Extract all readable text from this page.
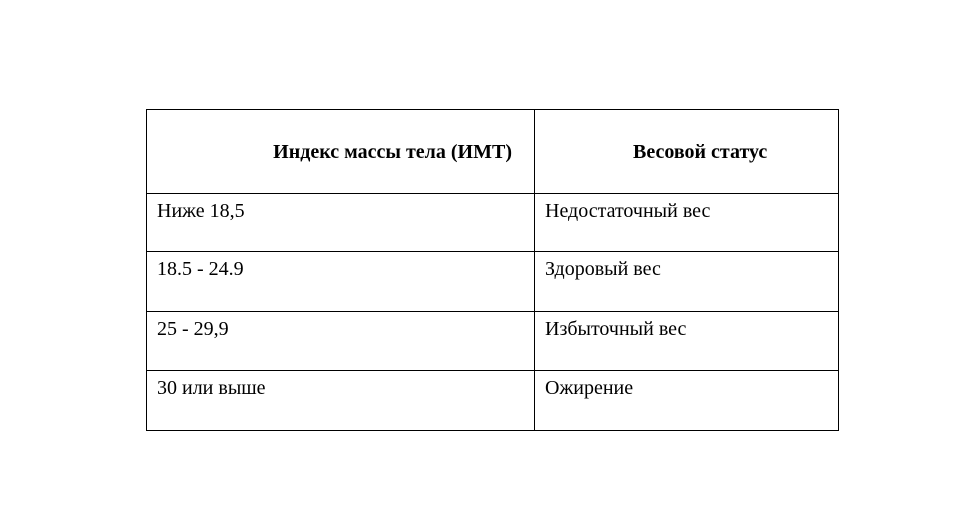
Индекс массы тела (ИМТ)	Весовой статус
Ниже 18,5	Недостаточный вес
18.5 - 24.9	Здоровый вес
25 - 29,9	Избыточный вес
30 или выше	Ожирение
